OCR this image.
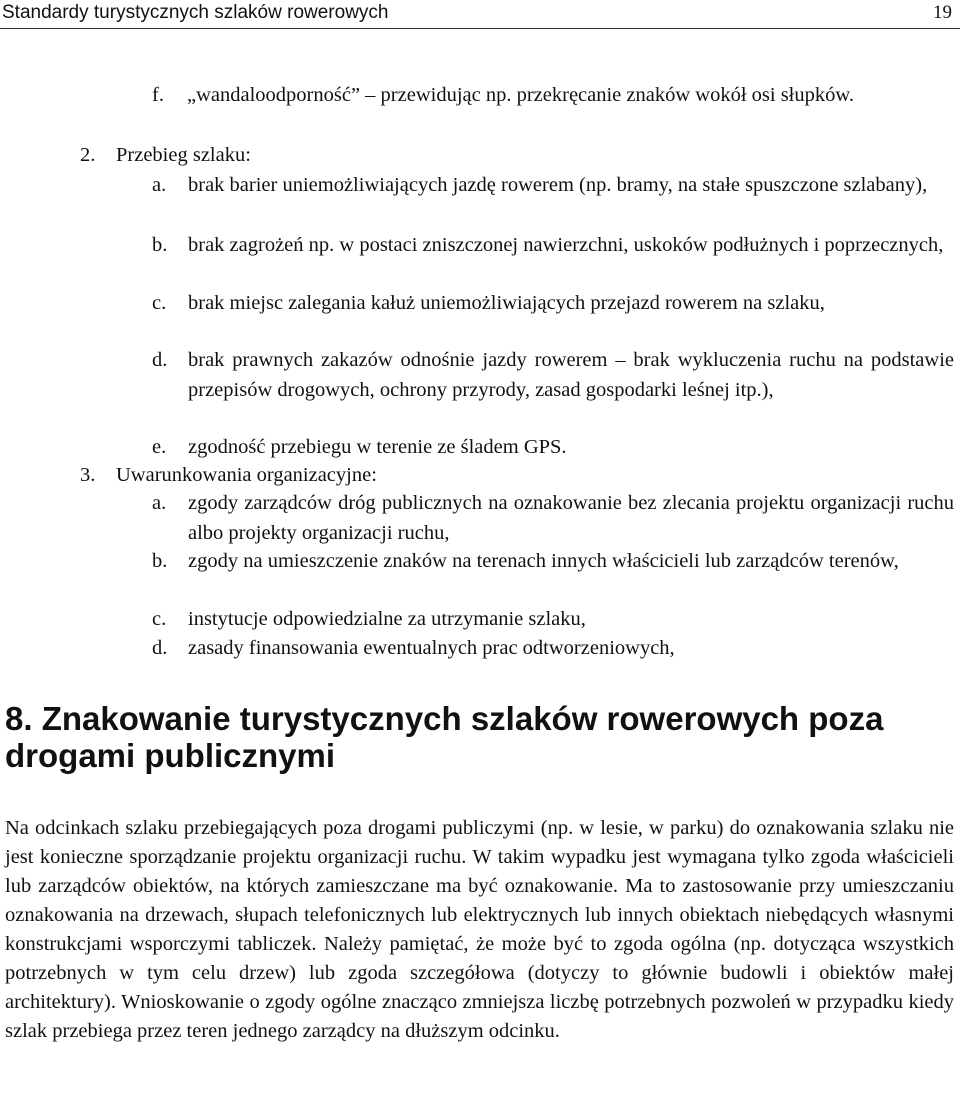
Standardy turystycznych szlaków rowerowych	19
f.	„wandaloodporność” – przewidując np. przekręcanie znaków wokół osi słupków.
2.	Przebieg szlaku:
a.	brak barier uniemożliwiających jazdę rowerem (np. bramy, na stałe spuszczone szlabany),
b.	brak zagrożeń np. w postaci zniszczonej nawierzchni, uskoków podłużnych i poprzecznych,
c.	brak miejsc zalegania kałuż uniemożliwiających przejazd rowerem na szlaku,
d.	brak prawnych zakazów odnośnie jazdy rowerem – brak wykluczenia ruchu na podstawie przepisów drogowych, ochrony przyrody, zasad gospodarki leśnej itp.),
e.	zgodność przebiegu w terenie ze śladem GPS.
3.	Uwarunkowania organizacyjne:
a.	zgody zarządców dróg publicznych na oznakowanie bez zlecania projektu organizacji ruchu albo projekty organizacji ruchu,
b.	zgody na umieszczenie znaków na terenach innych właścicieli lub zarządców terenów,
c.	instytucje odpowiedzialne za utrzymanie szlaku,
d.	zasady finansowania ewentualnych prac odtworzeniowych,
8. Znakowanie turystycznych szlaków rowerowych poza drogami publicznymi

Na odcinkach szlaku przebiegających poza drogami publiczymi (np. w lesie, w parku) do oznakowania szlaku nie jest konieczne sporządzanie projektu organizacji ruchu. W takim wypadku jest wymagana tylko zgoda właścicieli lub zarządców obiektów, na których zamieszczane ma być oznakowanie. Ma to zastosowanie przy umieszczaniu oznakowania na drzewach, słupach telefonicznych lub elektrycznych lub innych obiektach niebędących własnymi konstrukcjami wsporczymi tabliczek. Należy pamiętać, że może być to zgoda ogólna (np. dotycząca wszystkich potrzebnych w tym celu drzew) lub zgoda szczegółowa (dotyczy to głównie budowli i obiektów małej architektury). Wnioskowanie o zgody ogólne znacząco zmniejsza liczbę potrzebnych pozwoleń w przypadku kiedy szlak przebiega przez teren jednego zarządcy na dłuższym odcinku.
